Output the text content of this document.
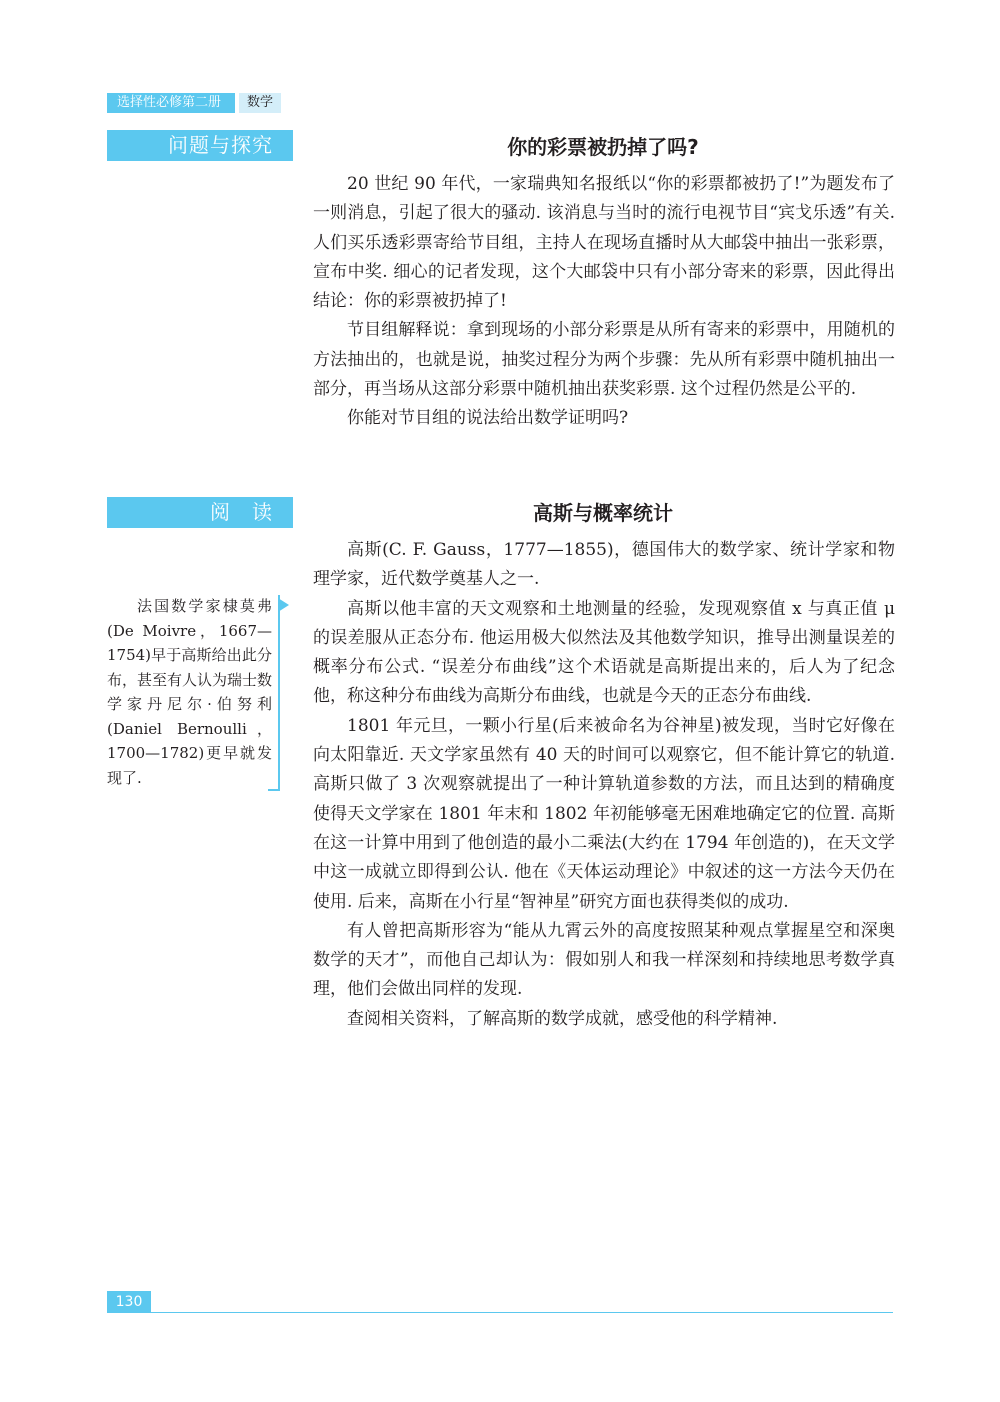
选择性必修第二册	数学
问题与探究	你的彩票被扔掉了吗?

20 世纪 90 年代，一家瑞典知名报纸以“你的彩票都被扔了!”为题发布了一则消息，引起了很大的骚动. 该消息与当时的流行电视节目“宾戈乐透”有关. 人们买乐透彩票寄给节目组，主持人在现场直播时从大邮袋中抽出一张彩票，宣布中奖. 细心的记者发现，这个大邮袋中只有小部分寄来的彩票，因此得出结论：你的彩票被扔掉了!

节目组解释说：拿到现场的小部分彩票是从所有寄来的彩票中，用随机的方法抽出的，也就是说，抽奖过程分为两个步骤：先从所有彩票中随机抽出一部分，再当场从这部分彩票中随机抽出获奖彩票. 这个过程仍然是公平的.

你能对节目组的说法给出数学证明吗?

阅　读	高斯与概率统计

高斯(C. F. Gauss，1777—1855)，德国伟大的数学家、统计学家和物理学家，近代数学奠基人之一.

高斯以他丰富的天文观察和土地测量的经验，发现观察值 x 与真正值 μ 的误差服从正态分布. 他运用极大似然法及其他数学知识，推导出测量误差的概率分布公式. “误差分布曲线”这个术语就是高斯提出来的，后人为了纪念他，称这种分布曲线为高斯分布曲线，也就是今天的正态分布曲线.

1801 年元旦，一颗小行星(后来被命名为谷神星)被发现，当时它好像在向太阳靠近. 天文学家虽然有 40 天的时间可以观察它，但不能计算它的轨道. 高斯只做了 3 次观察就提出了一种计算轨道参数的方法，而且达到的精确度使得天文学家在 1801 年末和 1802 年初能够毫无困难地确定它的位置. 高斯在这一计算中用到了他创造的最小二乘法(大约在 1794 年创造的)，在天文学中这一成就立即得到公认. 他在《天体运动理论》中叙述的这一方法今天仍在使用. 后来，高斯在小行星“智神星”研究方面也获得类似的成功.

有人曾把高斯形容为“能从九霄云外的高度按照某种观点掌握星空和深奥数学的天才”，而他自己却认为：假如别人和我一样深刻和持续地思考数学真理，他们会做出同样的发现.

查阅相关资料，了解高斯的数学成就，感受他的科学精神.

法国数学家棣莫弗(De Moivre，1667—1754)早于高斯给出此分布，甚至有人认为瑞士数学家丹尼尔·伯努利(Daniel Bernoulli，1700—1782)更早就发现了.

130
